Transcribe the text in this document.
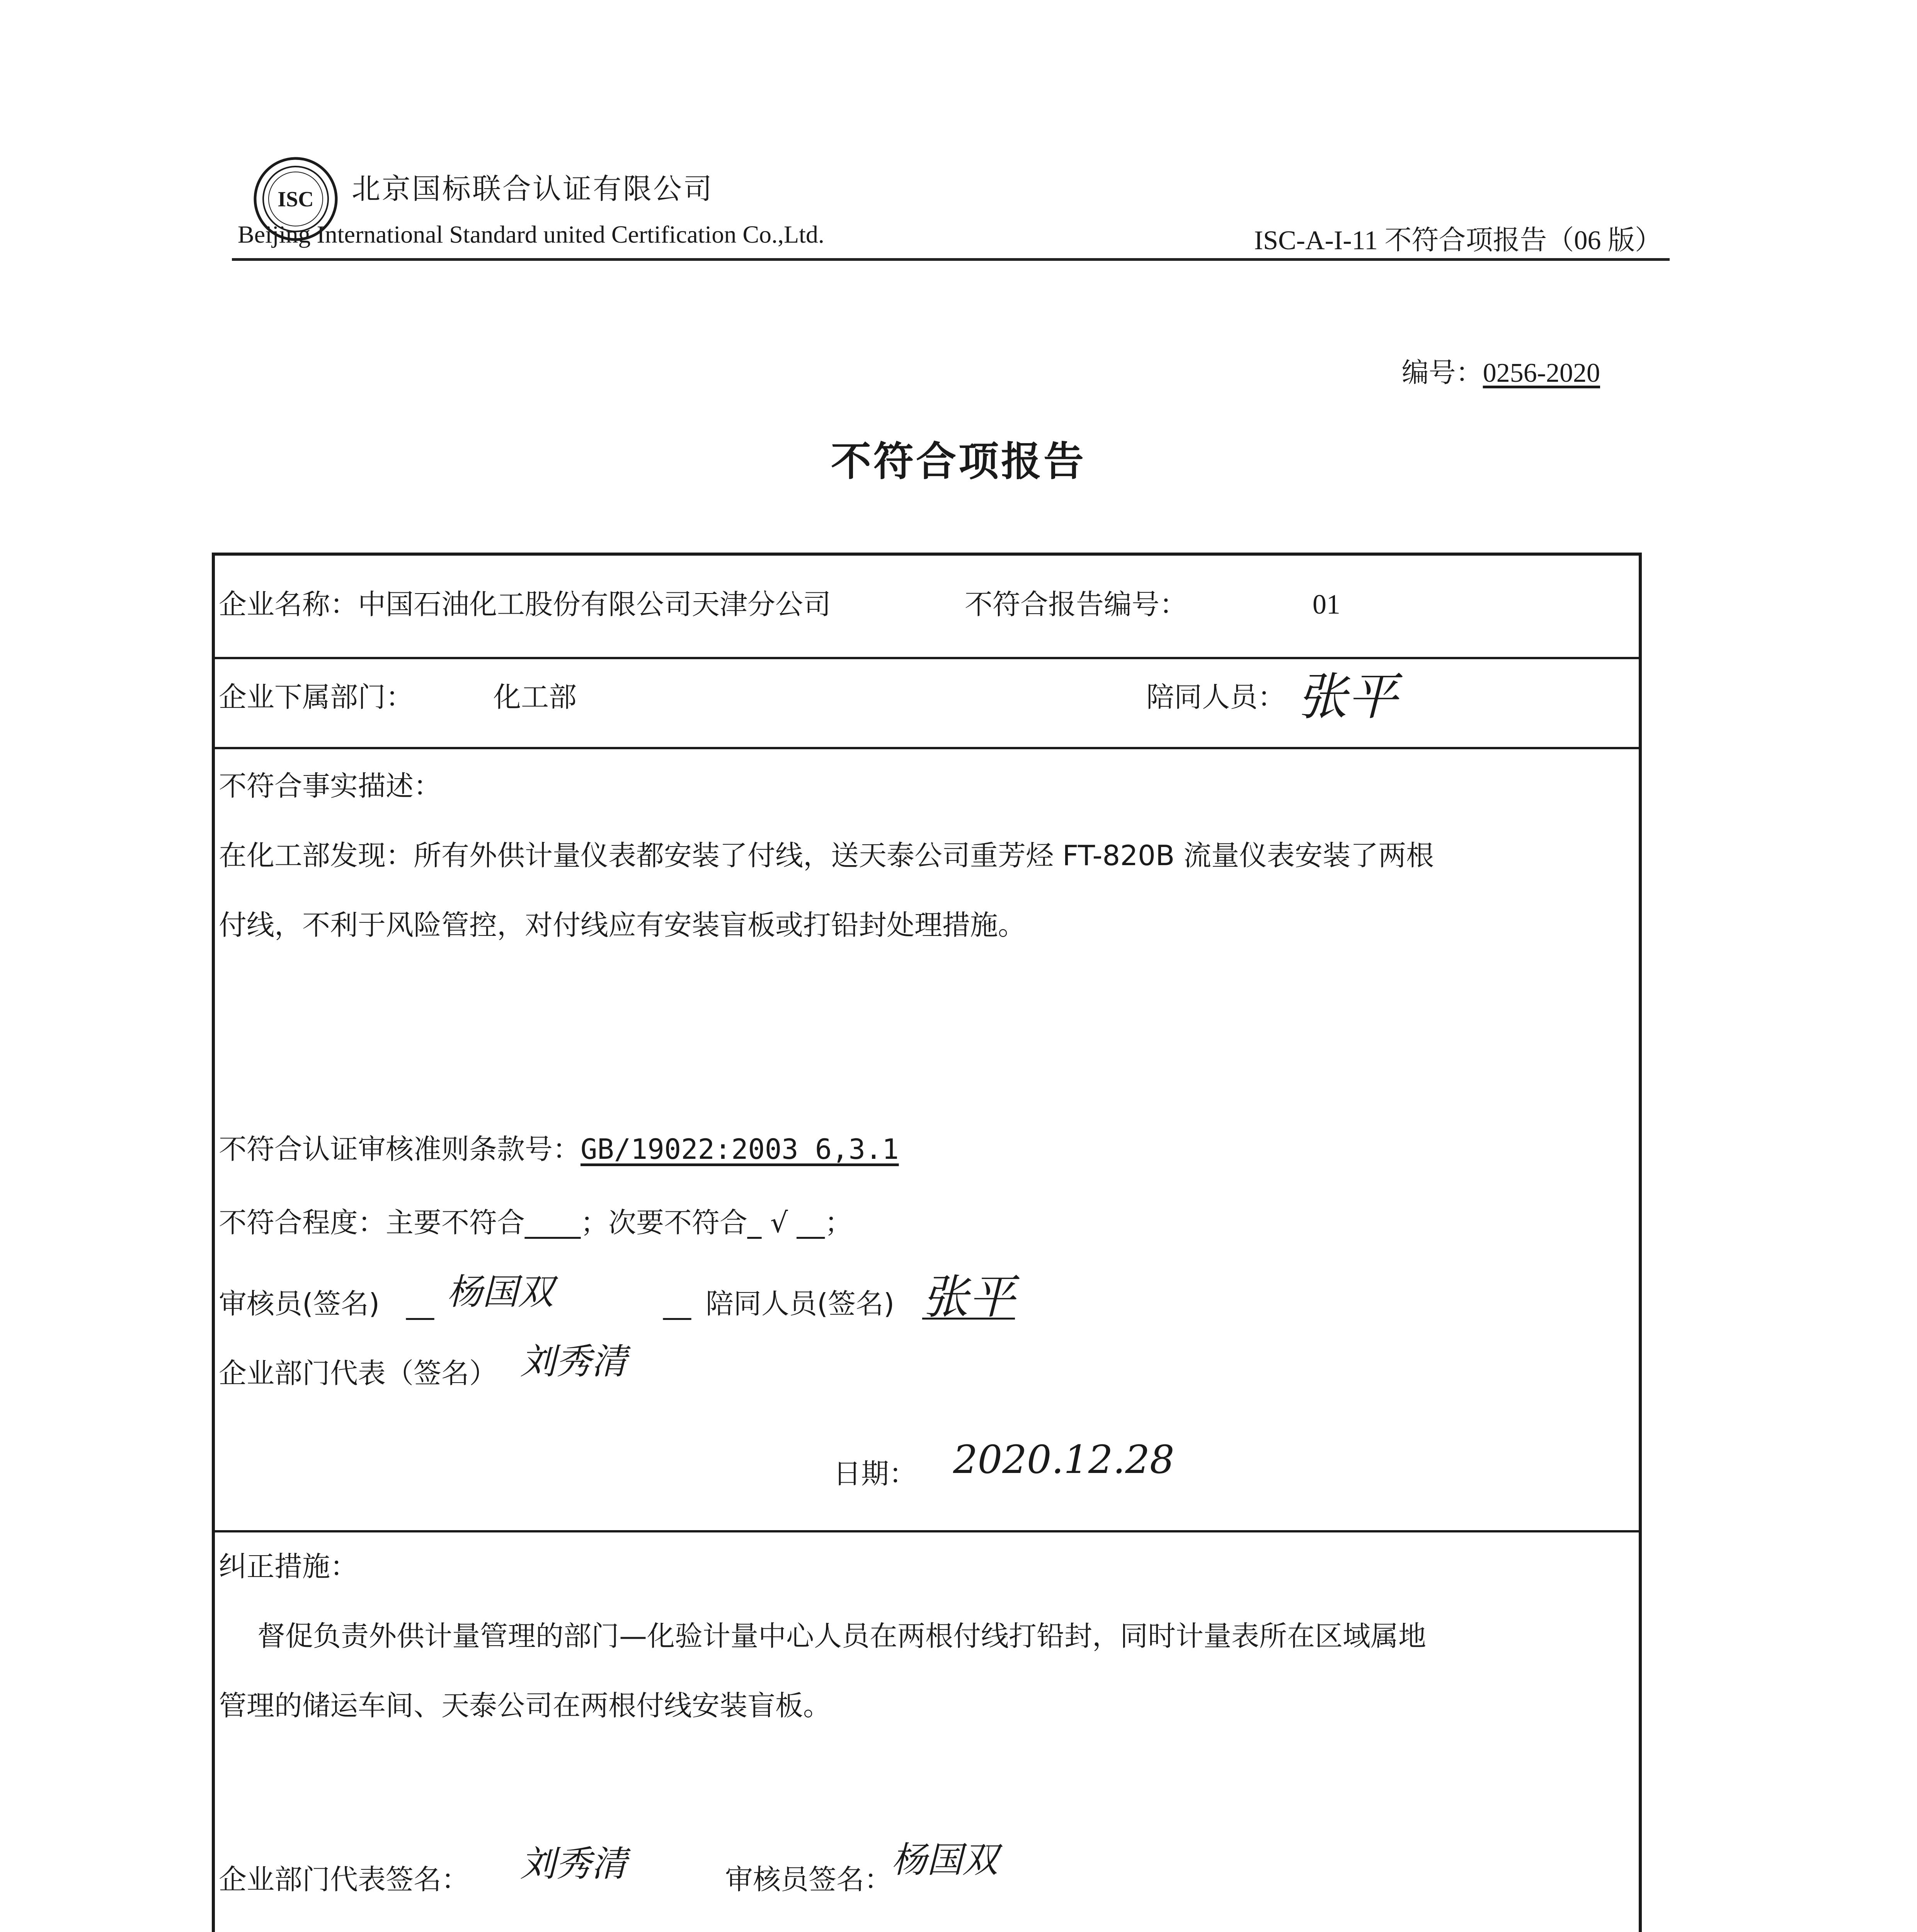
ISC 北京国标联合认证有限公司
Beijing International Standard united Certification Co.,Ltd.	ISC-A-I-11 不符合项报告（06 版）
编号：0256-2020
不符合项报告
企业名称： 中国石油化工股份有限公司天津分公司	不符合报告编号：	01
企业下属部门：	化工部	陪同人员： 张平
不符合事实描述：
在化工部发现：所有外供计量仪表都安装了付线，送天泰公司重芳烃 FT-820B 流量仪表安装了两根
付线，不利于风险管控，对付线应有安装盲板或打铅封处理措施。
不符合认证审核准则条款号：GB/19022:2003 6,3.1
不符合程度：主要不符合____；次要不符合_ √ __；
审核员(签名) __ 杨国双	__ 陪同人员(签名) 张平
企业部门代表（签名） 刘秀清
日期： 2020.12.28
纠正措施：
督促负责外供计量管理的部门—化验计量中心人员在两根付线打铅封，同时计量表所在区域属地
管理的储运车间、天泰公司在两根付线安装盲板。
企业部门代表签名： 刘秀清	审核员签名：
杨国双
